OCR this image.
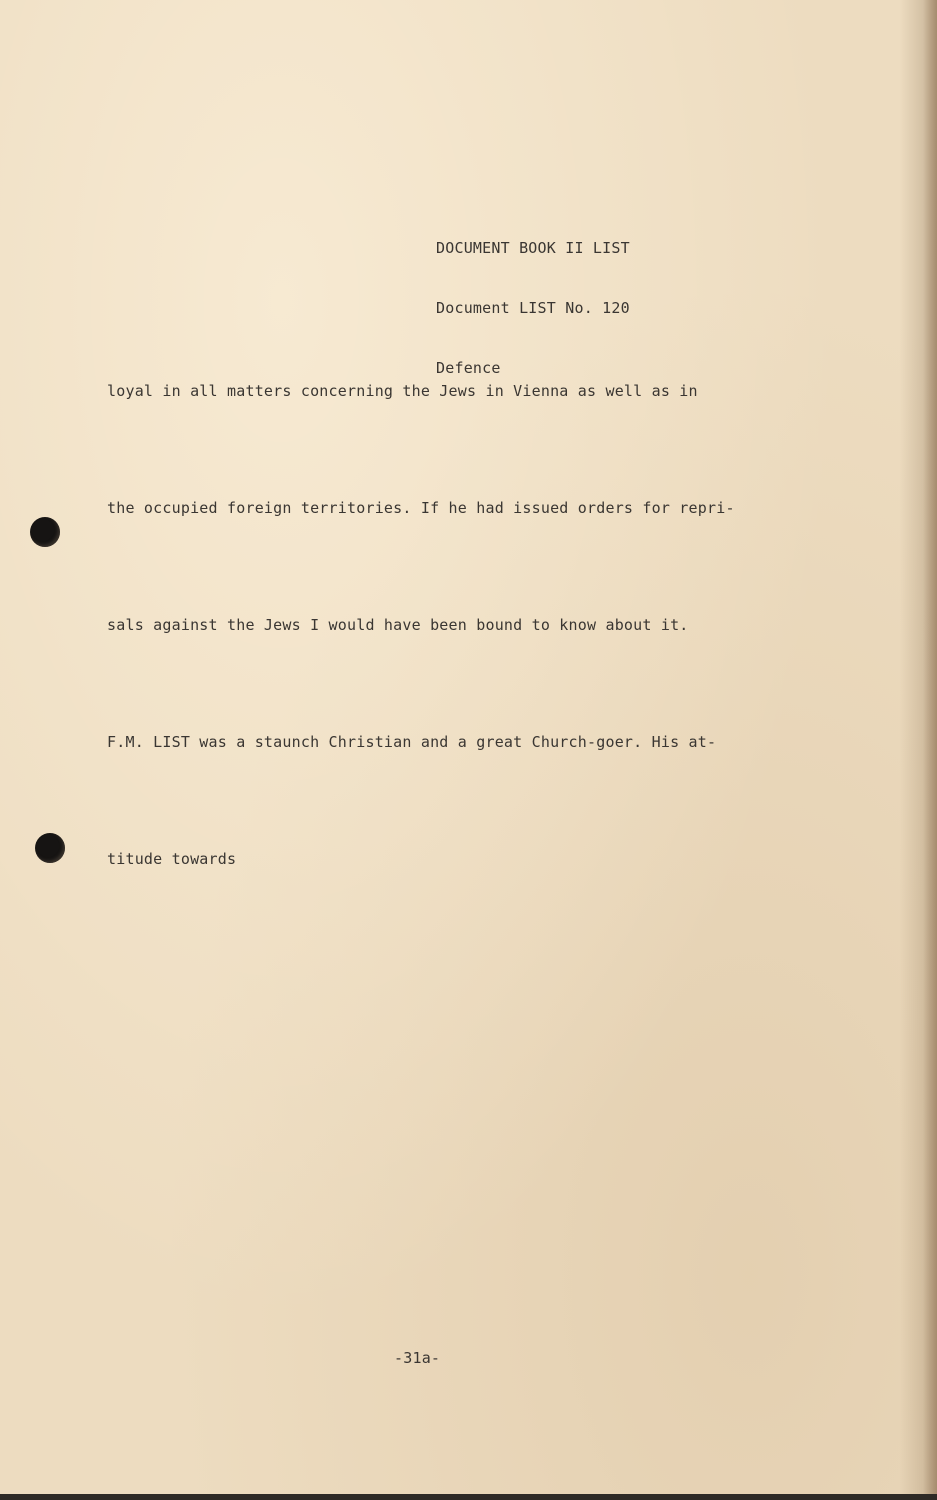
DOCUMENT BOOK II LIST

Document LIST No. 120

Defence

loyal in all matters concerning the Jews in Vienna as well as in

the occupied foreign territories. If he had issued orders for repri-

sals against the Jews I would have been bound to know about it.

F.M. LIST was a staunch Christian and a great Church-goer. His at-

titude towards

-31a-
